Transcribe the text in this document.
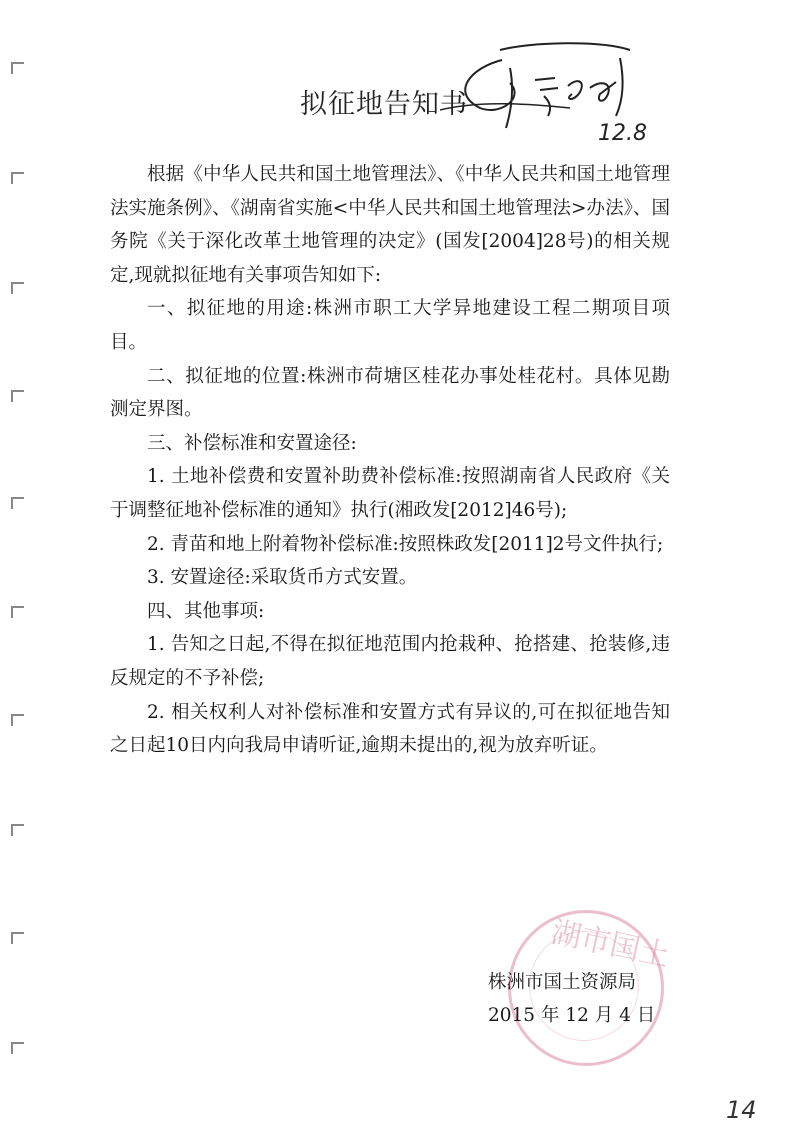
拟征地告知书
12.8

根据《中华人民共和国土地管理法》、《中华人民共和国土地管理法实施条例》、《湖南省实施<中华人民共和国土地管理法>办法》、国务院《关于深化改革土地管理的决定》(国发[2004]28号)的相关规定,现就拟征地有关事项告知如下:

一、拟征地的用途:株洲市职工大学异地建设工程二期项目项目。

二、拟征地的位置:株洲市荷塘区桂花办事处桂花村。具体见勘测定界图。

三、补偿标准和安置途径:

1. 土地补偿费和安置补助费补偿标准:按照湖南省人民政府《关于调整征地补偿标准的通知》执行(湘政发[2012]46号);

2. 青苗和地上附着物补偿标准:按照株政发[2011]2号文件执行;

3. 安置途径:采取货币方式安置。

四、其他事项:

1. 告知之日起,不得在拟征地范围内抢栽种、抢搭建、抢装修,违反规定的不予补偿;

2. 相关权利人对补偿标准和安置方式有异议的,可在拟征地告知之日起10日内向我局申请听证,逾期未提出的,视为放弃听证。

湖市国土
株洲市国土资源局
2015 年 12 月 4 日
14
